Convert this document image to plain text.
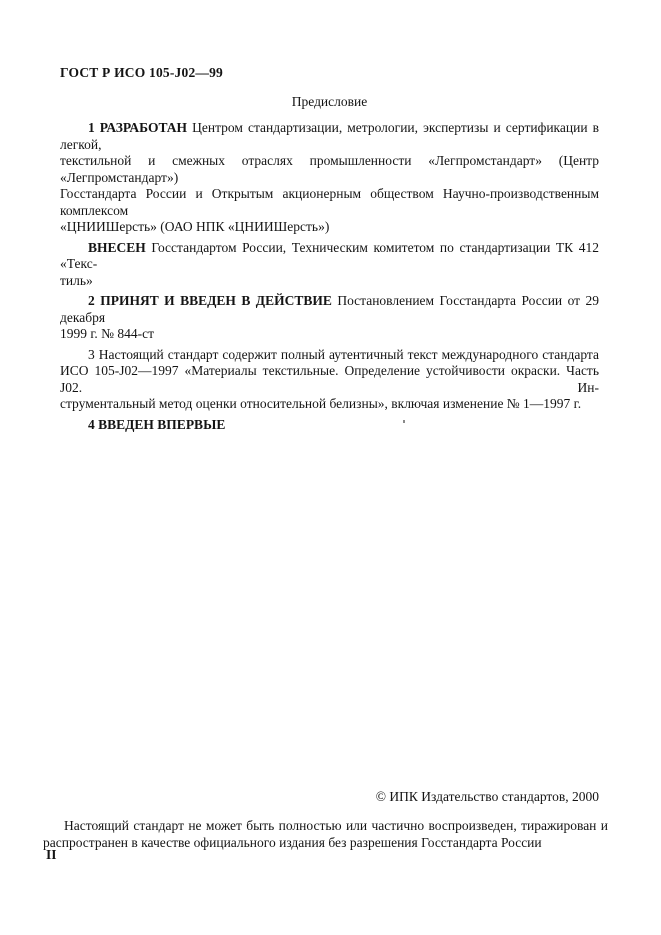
ГОСТ Р ИСО 105-J02—99
Предисловие
1 РАЗРАБОТАН Центром стандартизации, метрологии, экспертизы и сертификации в легкой,
текстильной и смежных отраслях промышленности «Легпромстандарт» (Центр «Легпромстандарт»)
Госстандарта России и Открытым акционерным обществом Научно-производственным комплексом
«ЦНИИШерсть» (ОАО НПК «ЦНИИШерсть»)
ВНЕСЕН Госстандартом России, Техническим комитетом по стандартизации ТК 412 «Текс-
тиль»
2 ПРИНЯТ И ВВЕДЕН В ДЕЙСТВИЕ Постановлением Госстандарта России от 29 декабря
1999 г. № 844-ст
3 Настоящий стандарт содержит полный аутентичный текст международного стандарта
ИСО 105-J02—1997 «Материалы текстильные. Определение устойчивости окраски. Часть J02. Ин-
струментальный метод оценки относительной белизны», включая изменение № 1—1997 г.
4 ВВЕДЕН ВПЕРВЫЕ
© ИПК Издательство стандартов, 2000
Настоящий стандарт не может быть полностью или частично воспроизведен, тиражирован и
распространен в качестве официального издания без разрешения Госстандарта России
II
